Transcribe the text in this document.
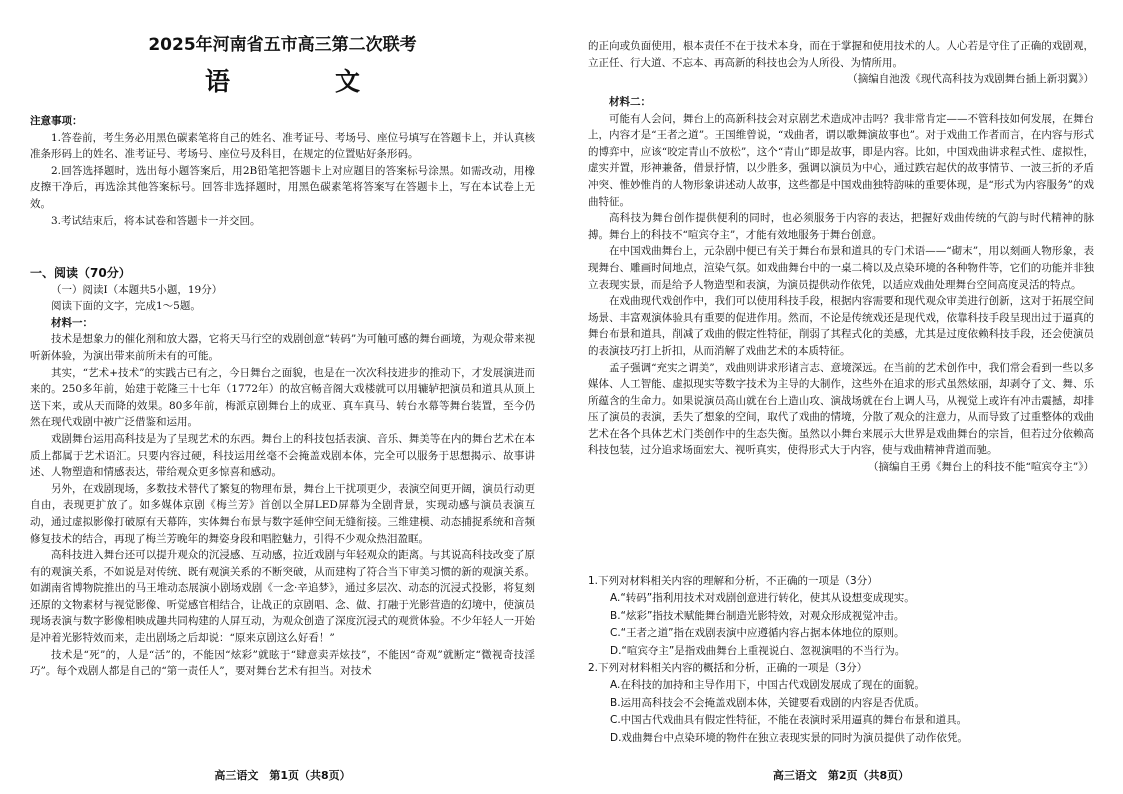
2025年河南省五市高三第二次联考
语　文

注意事项：

1.答卷前，考生务必用黑色碳素笔将自己的姓名、准考证号、考场号、座位号填写在答题卡上，并认真核准条形码上的姓名、准考证号、考场号、座位号及科目，在规定的位置贴好条形码。

2.回答选择题时，选出每小题答案后，用2B铅笔把答题卡上对应题目的答案标号涂黑。如需改动，用橡皮擦干净后，再选涂其他答案标号。回答非选择题时，用黑色碳素笔将答案写在答题卡上，写在本试卷上无效。

3.考试结束后，将本试卷和答题卡一并交回。

一、阅读（70分）

（一）阅读Ⅰ（本题共5小题，19分）

阅读下面的文字，完成1～5题。

材料一：

技术是想象力的催化剂和放大器，它将天马行空的戏剧创意“转码”为可触可感的舞台画境，为观众带来视听新体验，为演出带来前所未有的可能。

其实，“艺术+技术”的实践古已有之，今日舞台之面貌，也是在一次次科技进步的推动下，才发展演进而来的。250多年前，始建于乾隆三十七年（1772年）的故宫畅音阁大戏楼就可以用辘轳把演员和道具从顶上送下来，或从天而降的效果。80多年前，梅派京剧舞台上的成亚、真车真马、转台水幕等舞台装置，至今仍然在现代戏剧中被广泛借鉴和运用。

戏剧舞台运用高科技是为了呈现艺术的东西。舞台上的科技包括表演、音乐、舞美等在内的舞台艺术在本质上都属于艺术语汇。只要内容过硬，科技运用丝毫不会掩盖戏剧本体，完全可以服务于思想揭示、故事讲述、人物塑造和情感表达，带给观众更多惊喜和感动。

另外，在戏剧现场，多数技术替代了繁复的物理布景，舞台上干扰项更少，表演空间更开阔，演员行动更自由，表现更扩放了。如多媒体京剧《梅兰芳》首创以全屏LED屏幕为全剧背景，实现动感与演员表演互动，通过虚拟影像打破原有天幕阵，实体舞台布景与数字延伸空间无缝衔接。三维建模、动态捕捉系统和音频修复技术的结合，再现了梅兰芳晚年的舞姿身段和唱腔魅力，引得不少观众热泪盈眶。

高科技进入舞台还可以提升观众的沉浸感、互动感，拉近戏剧与年轻观众的距离。与其说高科技改变了原有的观演关系，不如说是对传统、既有观演关系的不断突破，从而建构了符合当下审美习惯的新的观演关系。如湖南省博物院推出的马王堆动态展演小剧场戏剧《一念·辛追梦》，通过多层次、动态的沉浸式投影，将复刻还原的文物素材与视觉影像、听觉感官相结合，让战正的京剧唱、念、做、打融于光影营造的幻境中，使演员现场表演与数字影像相映成趣共同构建的人屏互动，为观众创造了深度沉浸式的观赏体验。不少年轻人一开始是冲着光影特效而来，走出剧场之后却说：“原来京剧这么好看！”

技术是“死”的，人是“活”的，不能因“炫彩”就眩于“肆意卖弄炫技”，不能因“奇观”就断定“微视奇技淫巧”。每个戏剧人都是自己的“第一责任人”，要对舞台艺术有担当。对技术

高三语文　第1页（共8页）

的正向或负面使用，根本责任不在于技术本身，而在于掌握和使用技术的人。人心若是守住了正确的戏剧观，立正任、行大道、不忘本、再高新的科技也会为人所役、为情所用。

（摘编自池泼《现代高科技为戏剧舞台插上新羽翼》）

材料二：

可能有人会问，舞台上的高新科技会对京剧艺术造成冲击吗？我非常肯定——不管科技如何发展，在舞台上，内容才是“王者之道”。王国维曾说，“戏曲者，谓以歌舞演故事也”。对于戏曲工作者而言，在内容与形式的博弈中，应该“咬定青山不放松”，这个“青山”即是故事，即是内容。比如，中国戏曲讲求程式性、虚拟性，虚实并置，形神兼备，借景抒情，以少胜多，强调以演员为中心，通过跌宕起伏的故事情节、一波三折的矛盾冲突、惟妙惟肖的人物形象讲述动人故事，这些都是中国戏曲独特韵味的重要体现，是“形式为内容服务”的戏曲特征。

高科技为舞台创作提供便利的同时，也必须服务于内容的表达，把握好戏曲传统的气韵与时代精神的脉搏。舞台上的科技不“喧宾夺主”，才能有效地服务于舞台创意。

在中国戏曲舞台上，元杂剧中便已有关于舞台布景和道具的专门术语——“砌末”，用以刻画人物形象，表现舞台、雕画时间地点，渲染气氛。如戏曲舞台中的一桌二椅以及点染环境的各种物件等，它们的功能并非独立表现实景，而是给予人物造型和表演，为演员提供动作依凭，以适应戏曲处理舞台空间高度灵活的特点。

在戏曲现代戏创作中，我们可以使用科技手段，根据内容需要和现代观众审美进行创新，这对于拓展空间场景、丰富观演体验具有重要的促进作用。然而，不论是传统戏还是现代戏，依靠科技手段呈现出过于逼真的舞台布景和道具，削减了戏曲的假定性特征，削弱了其程式化的美感，尤其是过度依赖科技手段，还会使演员的表演技巧打上折扣，从而消解了戏曲艺术的本质特征。

孟子强调“充实之谓美”，戏曲则讲求形诸言志、意境深远。在当前的艺术创作中，我们常会看到一些以多媒体、人工智能、虚拟现实等数字技术为主导的大制作，这些外在追求的形式虽然炫丽，却剥夺了文、舞、乐所蕴含的生命力。如果说演员高山就在台上造山攻、演战场就在台上调人马，从视觉上或许有冲击震撼，却排压了演员的表演，丢失了想象的空间，取代了戏曲的情境，分散了观众的注意力，从而导致了过重整体的戏曲艺术在各个具体艺术门类创作中的生态失衡。虽然以小舞台来展示大世界是戏曲舞台的宗旨，但若过分依赖高科技包装，过分追求场面宏大、视听真实，使得形式大于内容，使与戏曲精神背道而驰。

（摘编自王勇《舞台上的科技不能“喧宾夺主”》）

1.下列对材料相关内容的理解和分析，不正确的一项是（3分）

A.“转码”指利用技术对戏剧创意进行转化，使其从设想变成现实。

B.“炫彩”指技术赋能舞台制造光影特效，对观众形成视觉冲击。

C.“王者之道”指在戏剧表演中应遵循内容占据本体地位的原则。

D.“喧宾夺主”是指戏曲舞台上重视说白、忽视演唱的不当行为。

2.下列对材料相关内容的概括和分析，正确的一项是（3分）

A.在科技的加持和主导作用下，中国古代戏剧发展成了现在的面貌。

B.运用高科技会不会掩盖戏剧本体，关键要看戏剧的内容是否优质。

C.中国古代戏曲具有假定性特征，不能在表演时采用逼真的舞台布景和道具。

D.戏曲舞台中点染环境的物件在独立表现实景的同时为演员提供了动作依凭。

高三语文　第2页（共8页）
